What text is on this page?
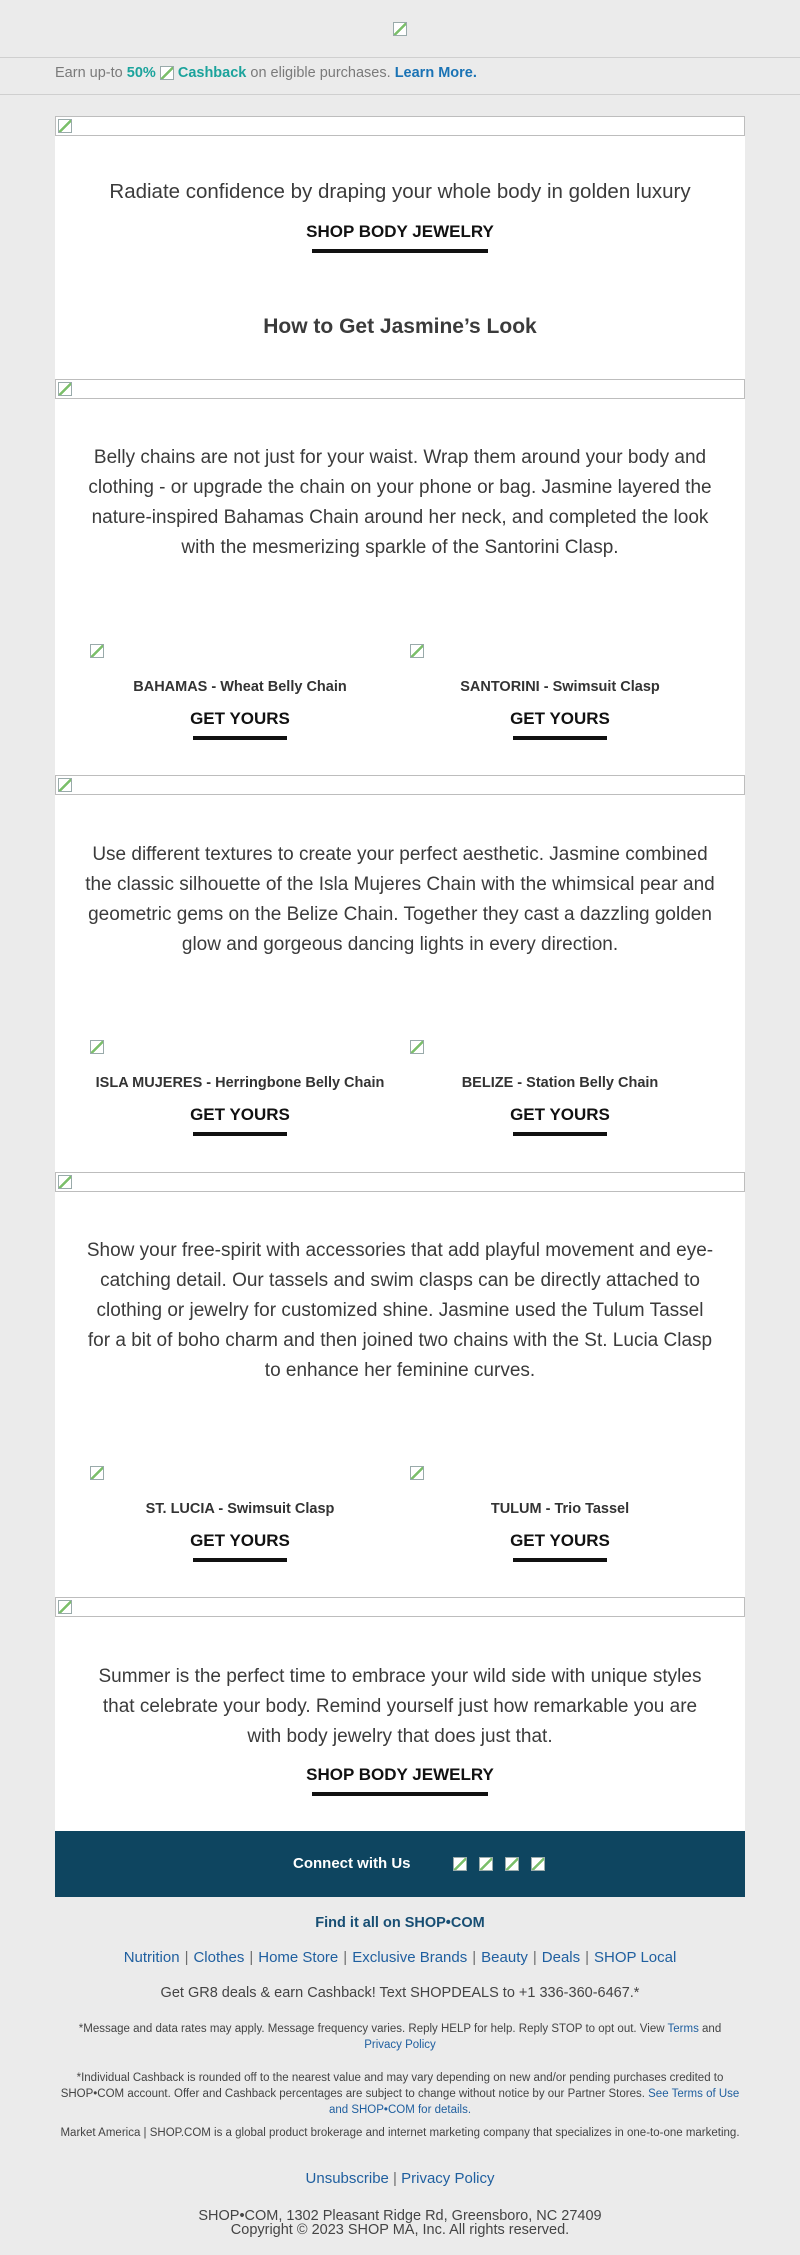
Earn up-to 50% Cashback on eligible purchases. Learn More.
Radiate confidence by draping your whole body in golden luxury
SHOP BODY JEWELRY
How to Get Jasmine’s Look
Belly chains are not just for your waist. Wrap them around your body and clothing - or upgrade the chain on your phone or bag. Jasmine layered the nature-inspired Bahamas Chain around her neck, and completed the look with the mesmerizing sparkle of the Santorini Clasp.
BAHAMAS - Wheat Belly Chain	SANTORINI - Swimsuit Clasp
GET YOURS	GET YOURS
Use different textures to create your perfect aesthetic. Jasmine combined the classic silhouette of the Isla Mujeres Chain with the whimsical pear and geometric gems on the Belize Chain. Together they cast a dazzling golden glow and gorgeous dancing lights in every direction.
ISLA MUJERES - Herringbone Belly Chain	BELIZE - Station Belly Chain
GET YOURS	GET YOURS
Show your free-spirit with accessories that add playful movement and eye-catching detail. Our tassels and swim clasps can be directly attached to clothing or jewelry for customized shine. Jasmine used the Tulum Tassel for a bit of boho charm and then joined two chains with the St. Lucia Clasp to enhance her feminine curves.
ST. LUCIA - Swimsuit Clasp	TULUM - Trio Tassel
GET YOURS	GET YOURS
Summer is the perfect time to embrace your wild side with unique styles that celebrate your body. Remind yourself just how remarkable you are with body jewelry that does just that.
SHOP BODY JEWELRY
Connect with Us
Find it all on SHOP•COM
Nutrition | Clothes | Home Store | Exclusive Brands | Beauty | Deals | SHOP Local
Get GR8 deals & earn Cashback! Text SHOPDEALS to +1 336-360-6467.*
*Message and data rates may apply. Message frequency varies. Reply HELP for help. Reply STOP to opt out. View Terms and Privacy Policy
*Individual Cashback is rounded off to the nearest value and may vary depending on new and/or pending purchases credited to SHOP•COM account. Offer and Cashback percentages are subject to change without notice by our Partner Stores. See Terms of Use and SHOP•COM for details.
Market America | SHOP.COM is a global product brokerage and internet marketing company that specializes in one-to-one marketing.
Unsubscribe | Privacy Policy
SHOP•COM, 1302 Pleasant Ridge Rd, Greensboro, NC 27409
Copyright © 2023 SHOP MA, Inc. All rights reserved.
